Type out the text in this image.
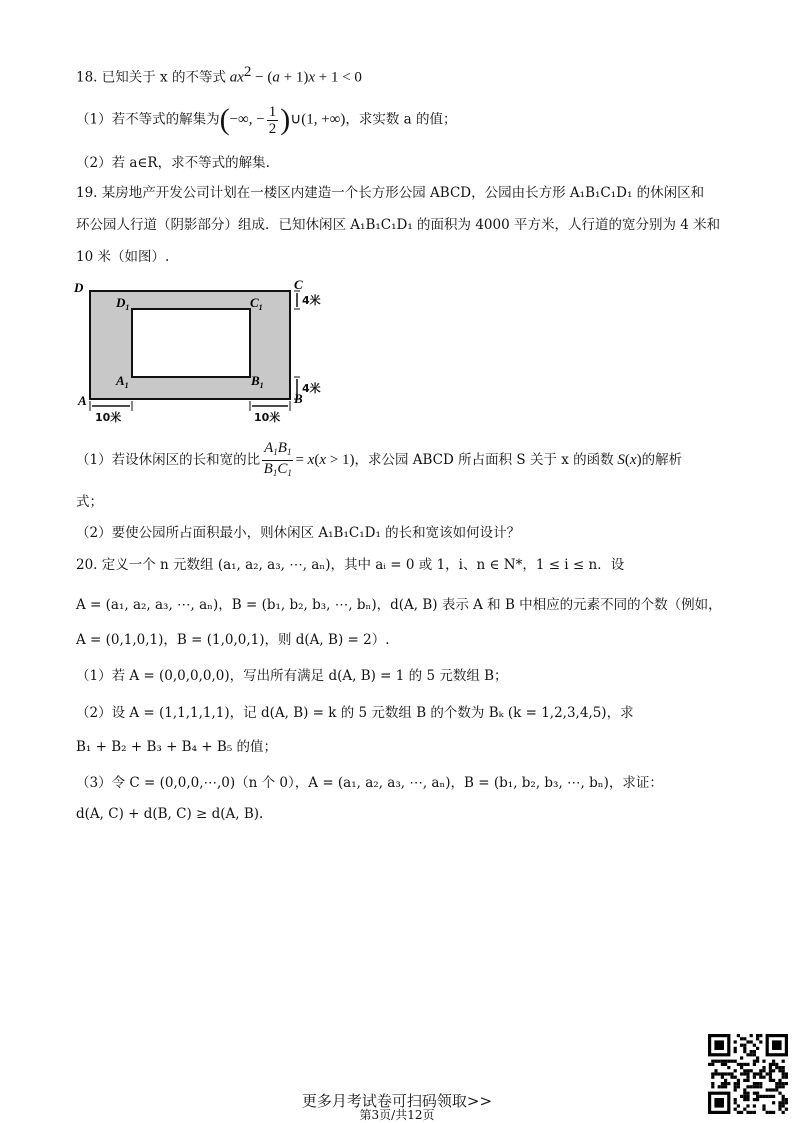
18. 已知关于 x 的不等式 $ax^2 - (a + 1)x + 1 < 0$
（1）若不等式的解集为(−∞, − $\frac{1}{2}$ )∪(1, +∞)，求实数 a 的值；
（2）若 a∈R，求不等式的解集.
19. 某房地产开发公司计划在一楼区内建造一个长方形公园 ABCD，公园由长方形 A₁B₁C₁D₁ 的休闲区和
环公园人行道（阴影部分）组成．已知休闲区 A₁B₁C₁D₁ 的面积为 4000 平方米，人行道的宽分别为 4 米和
10 米（如图）.
D	C
A	B
$D_1$	$C_1$
$A_1$	$B_1$
4米
4米
10米	10米
（1）若设休闲区的长和宽的比 $\frac{A_1B_1}{B_1C_1} = x(x > 1)$，求公园 ABCD 所占面积 S 关于 x 的函数 S(x)的解析
式；
（2）要使公园所占面积最小，则休闲区 A₁B₁C₁D₁ 的长和宽该如何设计？
20. 定义一个 n 元数组 (a₁, a₂, a₃, ⋯, aₙ)，其中 aᵢ = 0 或 1，i、n ∈ N*，1 ≤ i ≤ n．设
A = (a₁, a₂, a₃, ⋯, aₙ)，B = (b₁, b₂, b₃, ⋯, bₙ)，d(A, B) 表示 A 和 B 中相应的元素不同的个数（例如，
A = (0,1,0,1)，B = (1,0,0,1)，则 d(A, B) = 2）.
（1）若 A = (0,0,0,0,0)，写出所有满足 d(A, B) = 1 的 5 元数组 B；
（2）设 A = (1,1,1,1,1)，记 d(A, B) = k 的 5 元数组 B 的个数为 Bₖ (k = 1,2,3,4,5)，求
B₁ + B₂ + B₃ + B₄ + B₅ 的值；
（3）令 C = (0,0,0,⋯,0)（n 个 0），A = (a₁, a₂, a₃, ⋯, aₙ)，B = (b₁, b₂, b₃, ⋯, bₙ)，求证：
d(A, C) + d(B, C) ≥ d(A, B).
更多月考试卷可扫码领取>>
第3页/共12页
